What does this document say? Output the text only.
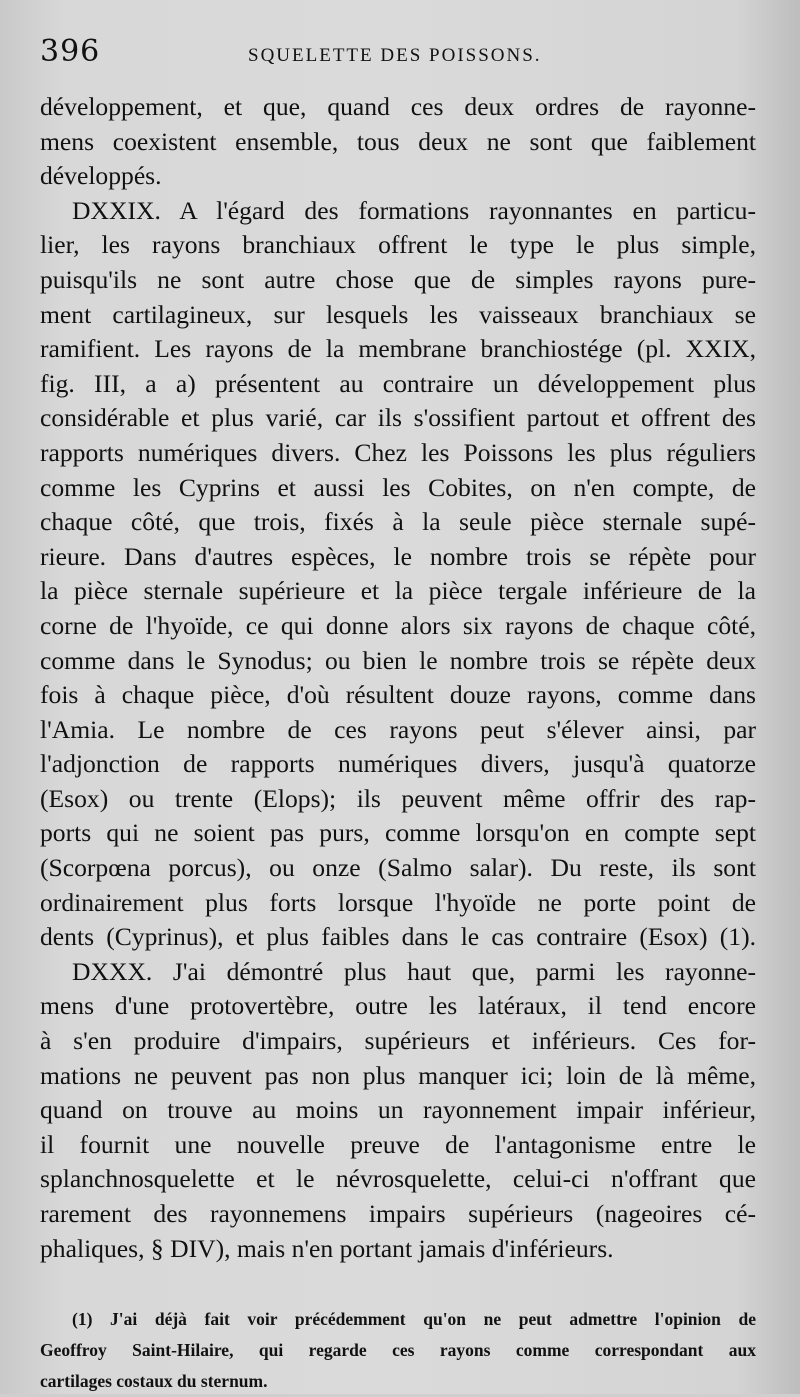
396	SQUELETTE DES POISSONS.
développement, et que, quand ces deux ordres de rayonne-
mens coexistent ensemble, tous deux ne sont que faiblement
développés.
DXXIX. A l'égard des formations rayonnantes en particu-
lier, les rayons branchiaux offrent le type le plus simple,
puisqu'ils ne sont autre chose que de simples rayons pure-
ment cartilagineux, sur lesquels les vaisseaux branchiaux se
ramifient. Les rayons de la membrane branchiostége (pl. XXIX,
fig. III, a a) présentent au contraire un développement plus
considérable et plus varié, car ils s'ossifient partout et offrent des
rapports numériques divers. Chez les Poissons les plus réguliers
comme les Cyprins et aussi les Cobites, on n'en compte, de
chaque côté, que trois, fixés à la seule pièce sternale supé-
rieure. Dans d'autres espèces, le nombre trois se répète pour
la pièce sternale supérieure et la pièce tergale inférieure de la
corne de l'hyoïde, ce qui donne alors six rayons de chaque côté,
comme dans le Synodus; ou bien le nombre trois se répète deux
fois à chaque pièce, d'où résultent douze rayons, comme dans
l'Amia. Le nombre de ces rayons peut s'élever ainsi, par
l'adjonction de rapports numériques divers, jusqu'à quatorze
(Esox) ou trente (Elops); ils peuvent même offrir des rap-
ports qui ne soient pas purs, comme lorsqu'on en compte sept
(Scorpœna porcus), ou onze (Salmo salar). Du reste, ils sont
ordinairement plus forts lorsque l'hyoïde ne porte point de
dents (Cyprinus), et plus faibles dans le cas contraire (Esox) (1).
DXXX. J'ai démontré plus haut que, parmi les rayonne-
mens d'une protovertèbre, outre les latéraux, il tend encore
à s'en produire d'impairs, supérieurs et inférieurs. Ces for-
mations ne peuvent pas non plus manquer ici; loin de là même,
quand on trouve au moins un rayonnement impair inférieur,
il fournit une nouvelle preuve de l'antagonisme entre le
splanchnosquelette et le névrosquelette, celui-ci n'offrant que
rarement des rayonnemens impairs supérieurs (nageoires cé-
phaliques, § DIV), mais n'en portant jamais d'inférieurs.
(1) J'ai déjà fait voir précédemment qu'on ne peut admettre l'opinion de
Geoffroy Saint-Hilaire, qui regarde ces rayons comme correspondant aux
cartilages costaux du sternum.
